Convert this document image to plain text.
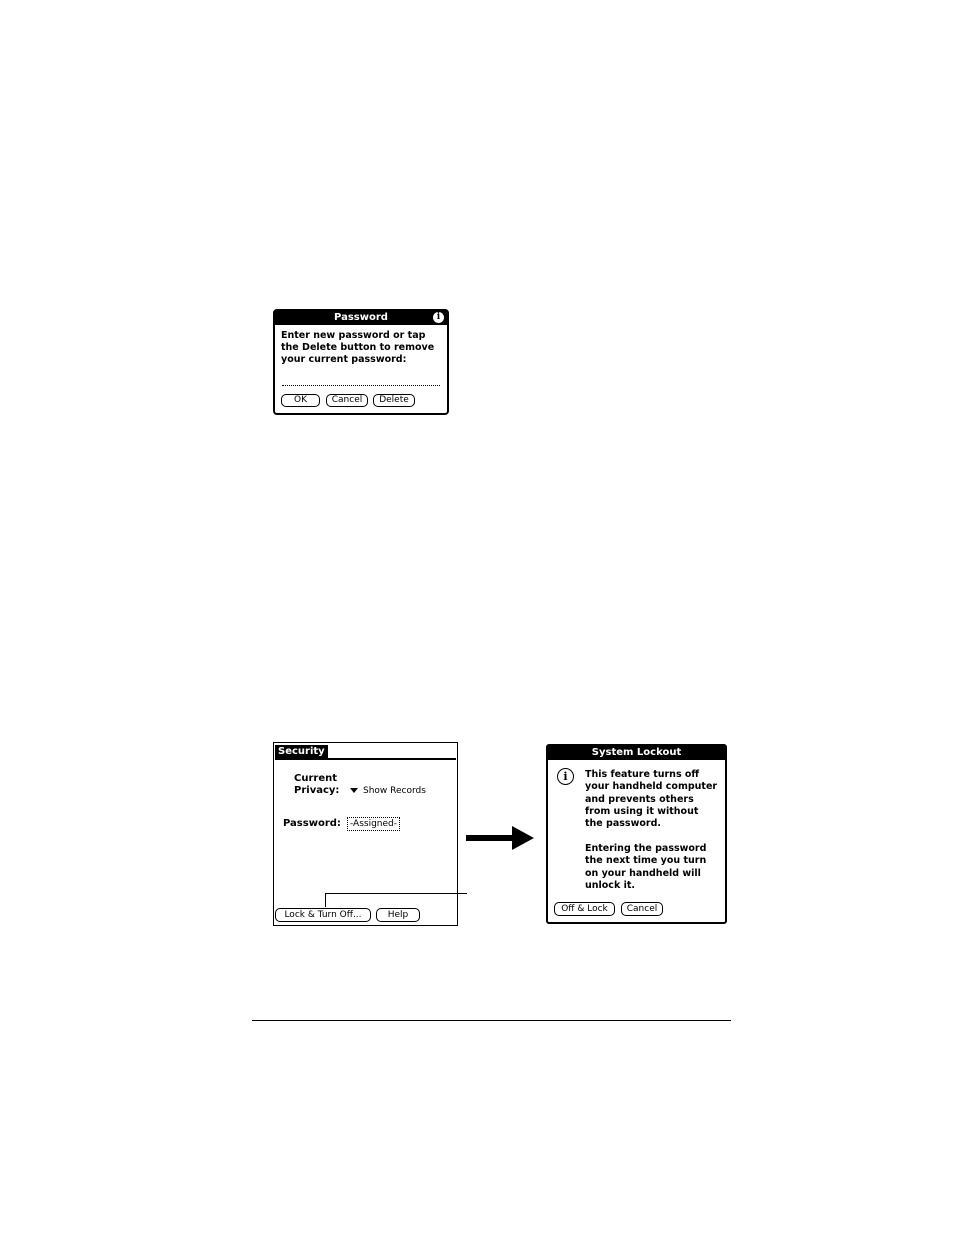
Password	i
Enter new password or tap the Delete button to remove your current password:
OK	Cancel	Delete
Security
Current
Privacy:	Show Records
Password:	-Assigned-
Lock & Turn Off...	Help
System Lockout
i	This feature turns off
your handheld computer
and prevents others
from using it without
the password.
Entering the password
the next time you turn
on your handheld will
unlock it.
Off & Lock	Cancel
